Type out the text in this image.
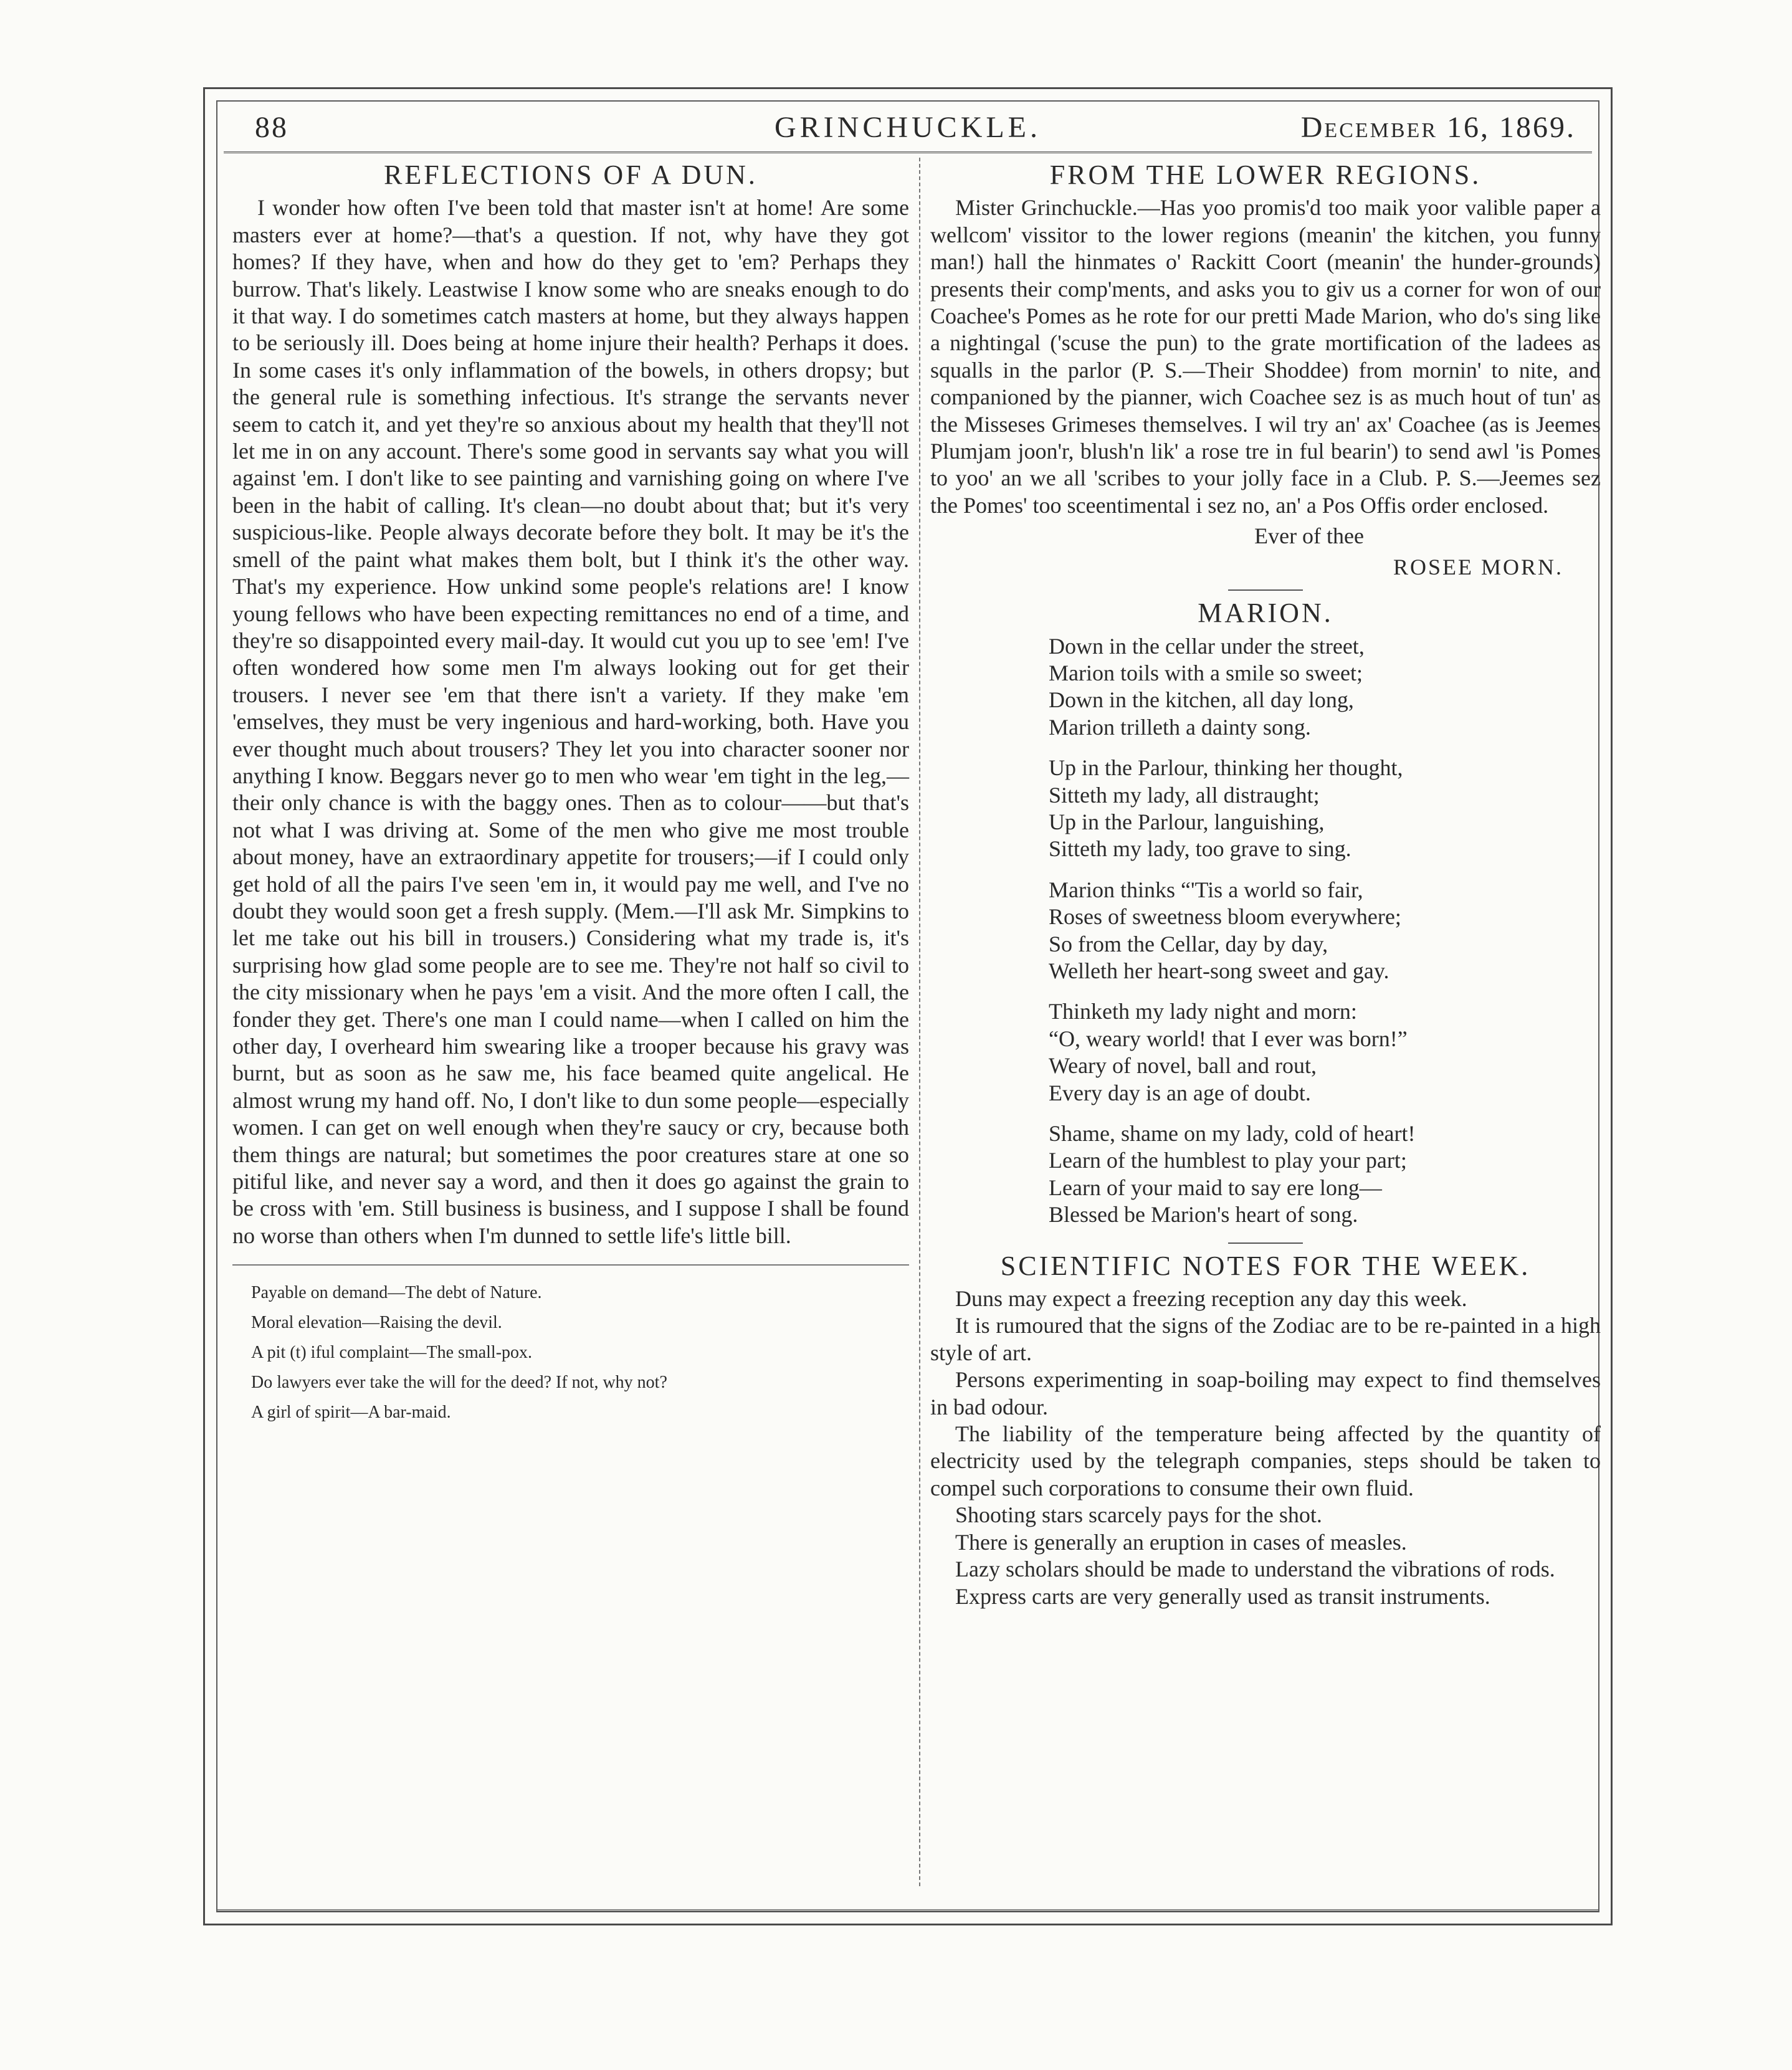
88	GRINCHUCKLE.	December 16, 1869.
REFLECTIONS OF A DUN.

I wonder how often I've been told that master isn't at home! Are some masters ever at home?—that's a question. If not, why have they got homes? If they have, when and how do they get to 'em? Perhaps they burrow. That's likely. Leastwise I know some who are sneaks enough to do it that way. I do sometimes catch masters at home, but they always happen to be seriously ill. Does being at home injure their health? Perhaps it does. In some cases it's only inflammation of the bowels, in others dropsy; but the general rule is something infectious. It's strange the servants never seem to catch it, and yet they're so anxious about my health that they'll not let me in on any account. There's some good in servants say what you will against 'em. I don't like to see painting and varnishing going on where I've been in the habit of calling. It's clean—no doubt about that; but it's very suspicious-like. People always decorate before they bolt. It may be it's the smell of the paint what makes them bolt, but I think it's the other way. That's my experience. How unkind some people's relations are! I know young fellows who have been expecting remittances no end of a time, and they're so disappointed every mail-day. It would cut you up to see 'em! I've often wondered how some men I'm always looking out for get their trousers. I never see 'em that there isn't a variety. If they make 'em 'emselves, they must be very ingenious and hard-working, both. Have you ever thought much about trousers? They let you into character sooner nor anything I know. Beggars never go to men who wear 'em tight in the leg,—their only chance is with the baggy ones. Then as to colour——but that's not what I was driving at. Some of the men who give me most trouble about money, have an extraordinary appetite for trousers;—if I could only get hold of all the pairs I've seen 'em in, it would pay me well, and I've no doubt they would soon get a fresh supply. (Mem.—I'll ask Mr. Simpkins to let me take out his bill in trousers.) Considering what my trade is, it's surprising how glad some people are to see me. They're not half so civil to the city missionary when he pays 'em a visit. And the more often I call, the fonder they get. There's one man I could name—when I called on him the other day, I overheard him swearing like a trooper because his gravy was burnt, but as soon as he saw me, his face beamed quite angelical. He almost wrung my hand off. No, I don't like to dun some people—especially women. I can get on well enough when they're saucy or cry, because both them things are natural; but sometimes the poor creatures stare at one so pitiful like, and never say a word, and then it does go against the grain to be cross with 'em. Still business is business, and I suppose I shall be found no worse than others when I'm dunned to settle life's little bill.

Payable on demand—The debt of Nature.
Moral elevation—Raising the devil.
A pit (t) iful complaint—The small-pox.
Do lawyers ever take the will for the deed? If not, why not?
A girl of spirit—A bar-maid.
FROM THE LOWER REGIONS.

Mister Grinchuckle.—Has yoo promis'd too maik yoor valible paper a wellcom' vissitor to the lower regions (meanin' the kitchen, you funny man!) hall the hinmates o' Rackitt Coort (meanin' the hunder-grounds) presents their comp'ments, and asks you to giv us a corner for won of our Coachee's Pomes as he rote for our pretti Made Marion, who do's sing like a nightingal ('scuse the pun) to the grate mortification of the ladees as squalls in the parlor (P. S.—Their Shoddee) from mornin' to nite, and companioned by the pianner, wich Coachee sez is as much hout of tun' as the Misseses Grimeses themselves. I wil try an' ax' Coachee (as is Jeemes Plumjam joon'r, blush'n lik' a rose tre in ful bearin') to send awl 'is Pomes to yoo' an we all 'scribes to your jolly face in a Club. P. S.—Jeemes sez the Pomes' too sceentimental i sez no, an' a Pos Offis order enclosed.

Ever of thee
ROSEE MORN.
MARION.
Down in the cellar under the street,
Marion toils with a smile so sweet;
Down in the kitchen, all day long,
Marion trilleth a dainty song.
Up in the Parlour, thinking her thought,
Sitteth my lady, all distraught;
Up in the Parlour, languishing,
Sitteth my lady, too grave to sing.
Marion thinks “'Tis a world so fair,
Roses of sweetness bloom everywhere;
So from the Cellar, day by day,
Welleth her heart-song sweet and gay.
Thinketh my lady night and morn:
“O, weary world! that I ever was born!”
Weary of novel, ball and rout,
Every day is an age of doubt.
Shame, shame on my lady, cold of heart!
Learn of the humblest to play your part;
Learn of your maid to say ere long—
Blessed be Marion's heart of song.
SCIENTIFIC NOTES FOR THE WEEK.

Duns may expect a freezing reception any day this week.

It is rumoured that the signs of the Zodiac are to be re-painted in a high style of art.

Persons experimenting in soap-boiling may expect to find themselves in bad odour.

The liability of the temperature being affected by the quantity of electricity used by the telegraph companies, steps should be taken to compel such corporations to consume their own fluid.

Shooting stars scarcely pays for the shot.

There is generally an eruption in cases of measles.

Lazy scholars should be made to understand the vibrations of rods.

Express carts are very generally used as transit instruments.
